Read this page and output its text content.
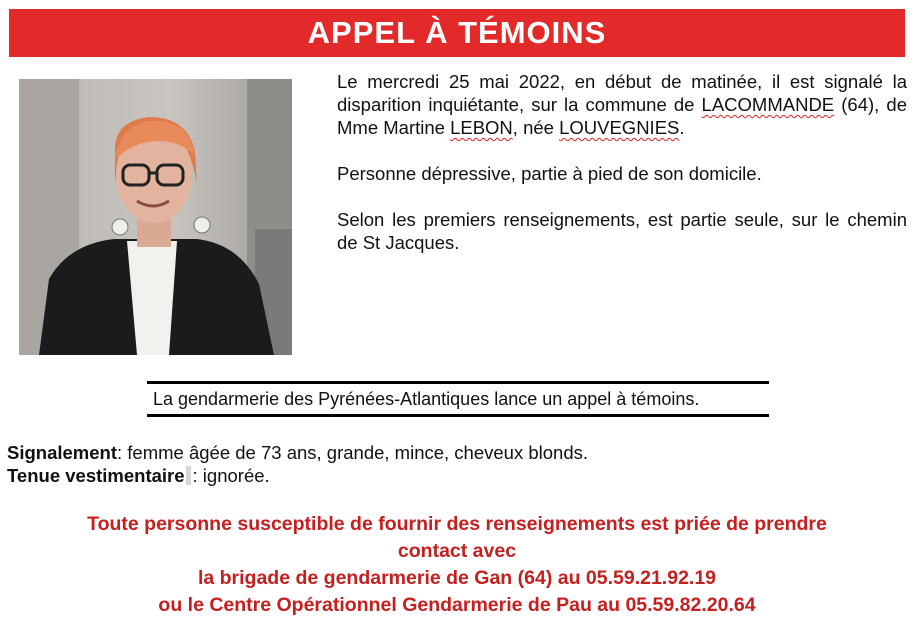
APPEL À TÉMOINS

Le mercredi 25 mai 2022, en début de matinée, il est signalé la disparition inquiétante, sur la commune de LACOMMANDE (64), de Mme Martine LEBON, née LOUVEGNIES.

Personne dépressive, partie à pied de son domicile.

Selon les premiers renseignements, est partie seule, sur le chemin de St Jacques.

La gendarmerie des Pyrénées-Atlantiques lance un appel à témoins.
Signalement: femme âgée de 73 ans, grande, mince, cheveux blonds.
Tenue vestimentaire : ignorée.
Toute personne susceptible de fournir des renseignements est priée de prendre
contact avec
la brigade de gendarmerie de Gan (64) au 05.59.21.92.19
ou le Centre Opérationnel Gendarmerie de Pau au 05.59.82.20.64
